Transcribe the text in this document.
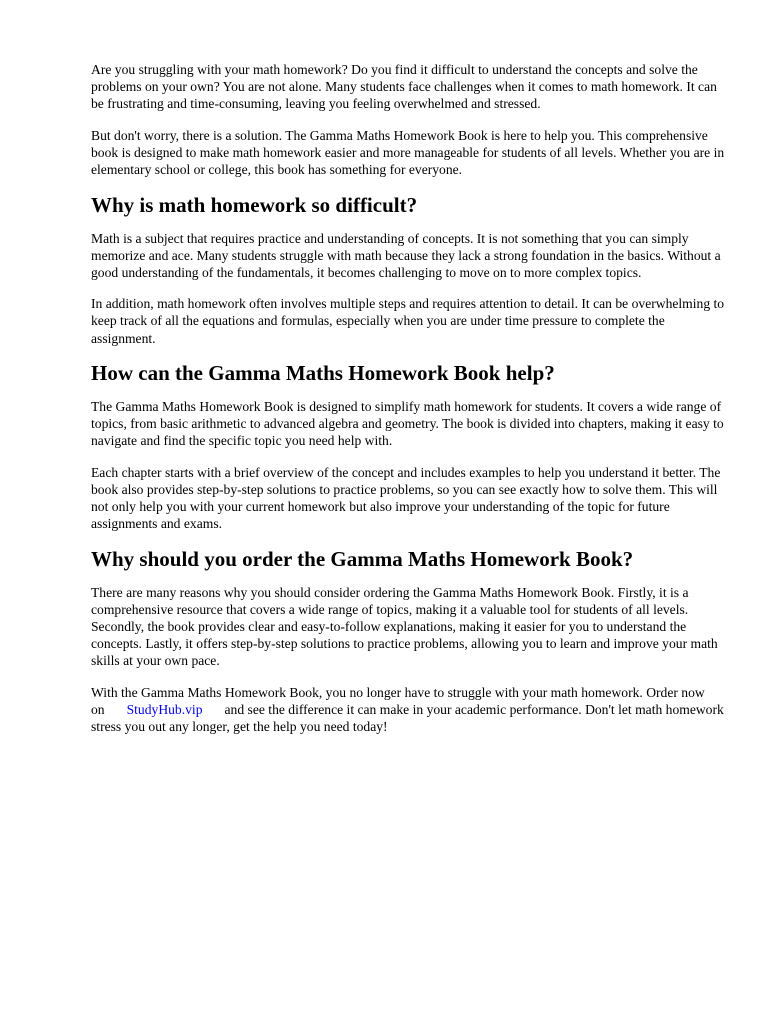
Are you struggling with your math homework? Do you find it difficult to understand the concepts and solve the problems on your own? You are not alone. Many students face challenges when it comes to math homework. It can be frustrating and time-consuming, leaving you feeling overwhelmed and stressed.

But don't worry, there is a solution. The Gamma Maths Homework Book is here to help you. This comprehensive book is designed to make math homework easier and more manageable for students of all levels. Whether you are in elementary school or college, this book has something for everyone.

Why is math homework so difficult?

Math is a subject that requires practice and understanding of concepts. It is not something that you can simply memorize and ace. Many students struggle with math because they lack a strong foundation in the basics. Without a good understanding of the fundamentals, it becomes challenging to move on to more complex topics.

In addition, math homework often involves multiple steps and requires attention to detail. It can be overwhelming to keep track of all the equations and formulas, especially when you are under time pressure to complete the assignment.

How can the Gamma Maths Homework Book help?

The Gamma Maths Homework Book is designed to simplify math homework for students. It covers a wide range of topics, from basic arithmetic to advanced algebra and geometry. The book is divided into chapters, making it easy to navigate and find the specific topic you need help with.

Each chapter starts with a brief overview of the concept and includes examples to help you understand it better. The book also provides step-by-step solutions to practice problems, so you can see exactly how to solve them. This will not only help you with your current homework but also improve your understanding of the topic for future assignments and exams.

Why should you order the Gamma Maths Homework Book?

There are many reasons why you should consider ordering the Gamma Maths Homework Book. Firstly, it is a comprehensive resource that covers a wide range of topics, making it a valuable tool for students of all levels. Secondly, the book provides clear and easy-to-follow explanations, making it easier for you to understand the concepts. Lastly, it offers step-by-step solutions to practice problems, allowing you to learn and improve your math skills at your own pace.

With the Gamma Maths Homework Book, you no longer have to struggle with your math homework. Order now on StudyHub.vip and see the difference it can make in your academic performance. Don't let math homework stress you out any longer, get the help you need today!
